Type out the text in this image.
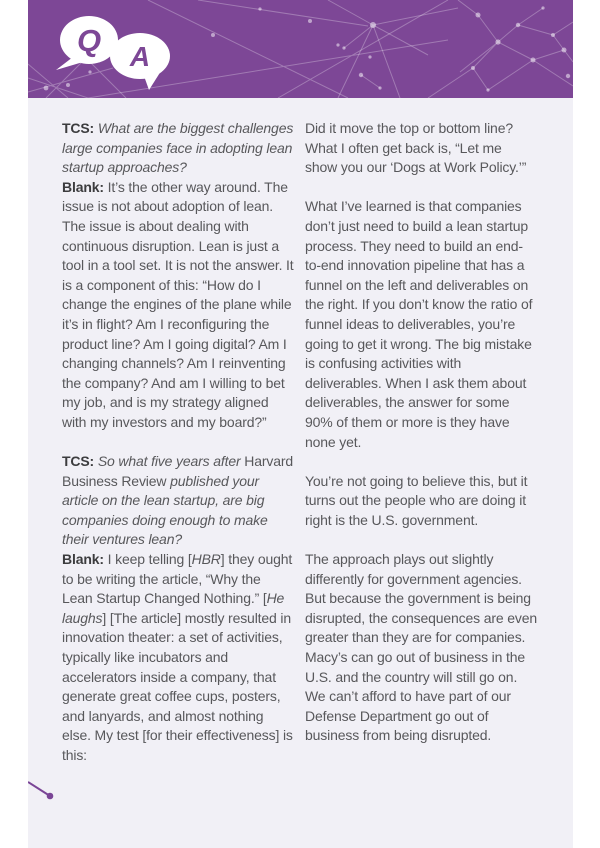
Q A

TCS: What are the biggest challenges large companies face in adopting lean startup approaches?

Blank: It’s the other way around. The issue is not about adoption of lean. The issue is about dealing with continuous disruption. Lean is just a tool in a tool set. It is not the answer. It is a component of this: “How do I change the engines of the plane while it’s in flight? Am I reconfiguring the product line? Am I going digital? Am I changing channels? Am I reinventing the company? And am I willing to bet my job, and is my strategy aligned with my investors and my board?”

TCS: So what five years after Harvard Business Review published your article on the lean startup, are big companies doing enough to make their ventures lean?

Blank: I keep telling [HBR] they ought to be writing the article, “Why the Lean Startup Changed Nothing.” [He laughs] [The article] mostly resulted in innovation theater: a set of activities, typically like incubators and accelerators inside a company, that generate great coffee cups, posters, and lanyards, and almost nothing else. My test [for their effectiveness] is this:

Did it move the top or bottom line? What I often get back is, “Let me show you our ‘Dogs at Work Policy.’”

What I’ve learned is that companies don’t just need to build a lean startup process. They need to build an end-to-end innovation pipeline that has a funnel on the left and deliverables on the right. If you don’t know the ratio of funnel ideas to deliverables, you’re going to get it wrong. The big mistake is confusing activities with deliverables. When I ask them about deliverables, the answer for some 90% of them or more is they have none yet.

You’re not going to believe this, but it turns out the people who are doing it right is the U.S. government.

The approach plays out slightly differently for government agencies. But because the government is being disrupted, the consequences are even greater than they are for companies. Macy’s can go out of business in the U.S. and the country will still go on. We can’t afford to have part of our Defense Department go out of business from being disrupted.
